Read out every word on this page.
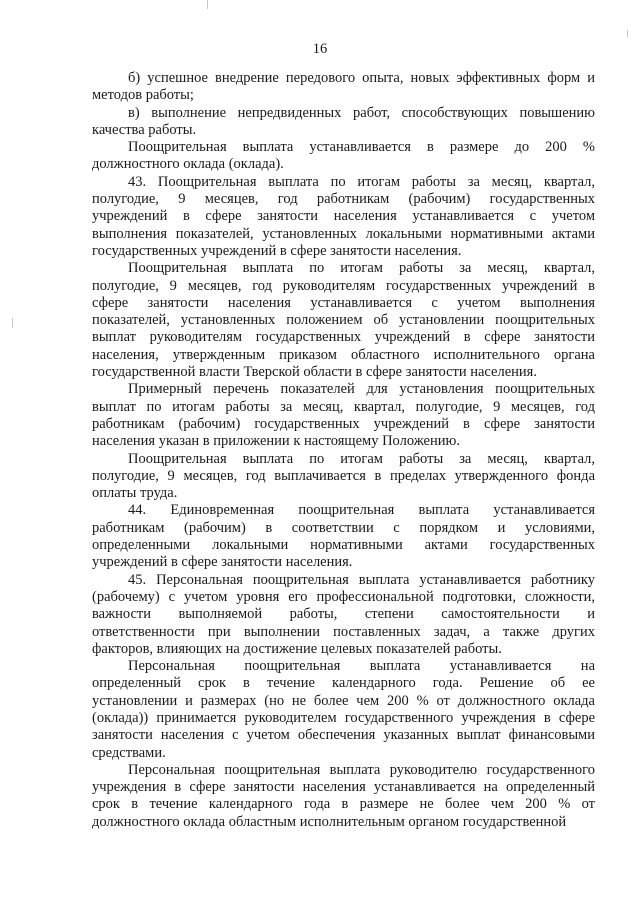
16
б) успешное внедрение передового опыта, новых эффективных форм и
методов работы;
в) выполнение непредвиденных работ, способствующих повышению
качества работы.
Поощрительная выплата устанавливается в размере до 200 %
должностного оклада (оклада).
43. Поощрительная выплата по итогам работы за месяц, квартал,
полугодие, 9 месяцев, год работникам (рабочим) государственных
учреждений в сфере занятости населения устанавливается с учетом
выполнения показателей, установленных локальными нормативными актами
государственных учреждений в сфере занятости населения.
Поощрительная выплата по итогам работы за месяц, квартал,
полугодие, 9 месяцев, год руководителям государственных учреждений в
сфере занятости населения устанавливается с учетом выполнения
показателей, установленных положением об установлении поощрительных
выплат руководителям государственных учреждений в сфере занятости
населения, утвержденным приказом областного исполнительного органа
государственной власти Тверской области в сфере занятости населения.
Примерный перечень показателей для установления поощрительных
выплат по итогам работы за месяц, квартал, полугодие, 9 месяцев, год
работникам (рабочим) государственных учреждений в сфере занятости
населения указан в приложении к настоящему Положению.
Поощрительная выплата по итогам работы за месяц, квартал,
полугодие, 9 месяцев, год выплачивается в пределах утвержденного фонда
оплаты труда.
44. Единовременная поощрительная выплата устанавливается
работникам (рабочим) в соответствии с порядком и условиями,
определенными локальными нормативными актами государственных
учреждений в сфере занятости населения.
45. Персональная поощрительная выплата устанавливается работнику
(рабочему) с учетом уровня его профессиональной подготовки, сложности,
важности выполняемой работы, степени самостоятельности и
ответственности при выполнении поставленных задач, а также других
факторов, влияющих на достижение целевых показателей работы.
Персональная поощрительная выплата устанавливается на
определенный срок в течение календарного года. Решение об ее
установлении и размерах (но не более чем 200 % от должностного оклада
(оклада)) принимается руководителем государственного учреждения в сфере
занятости населения с учетом обеспечения указанных выплат финансовыми
средствами.
Персональная поощрительная выплата руководителю государственного
учреждения в сфере занятости населения устанавливается на определенный
срок в течение календарного года в размере не более чем 200 % от
должностного оклада областным исполнительным органом государственной
